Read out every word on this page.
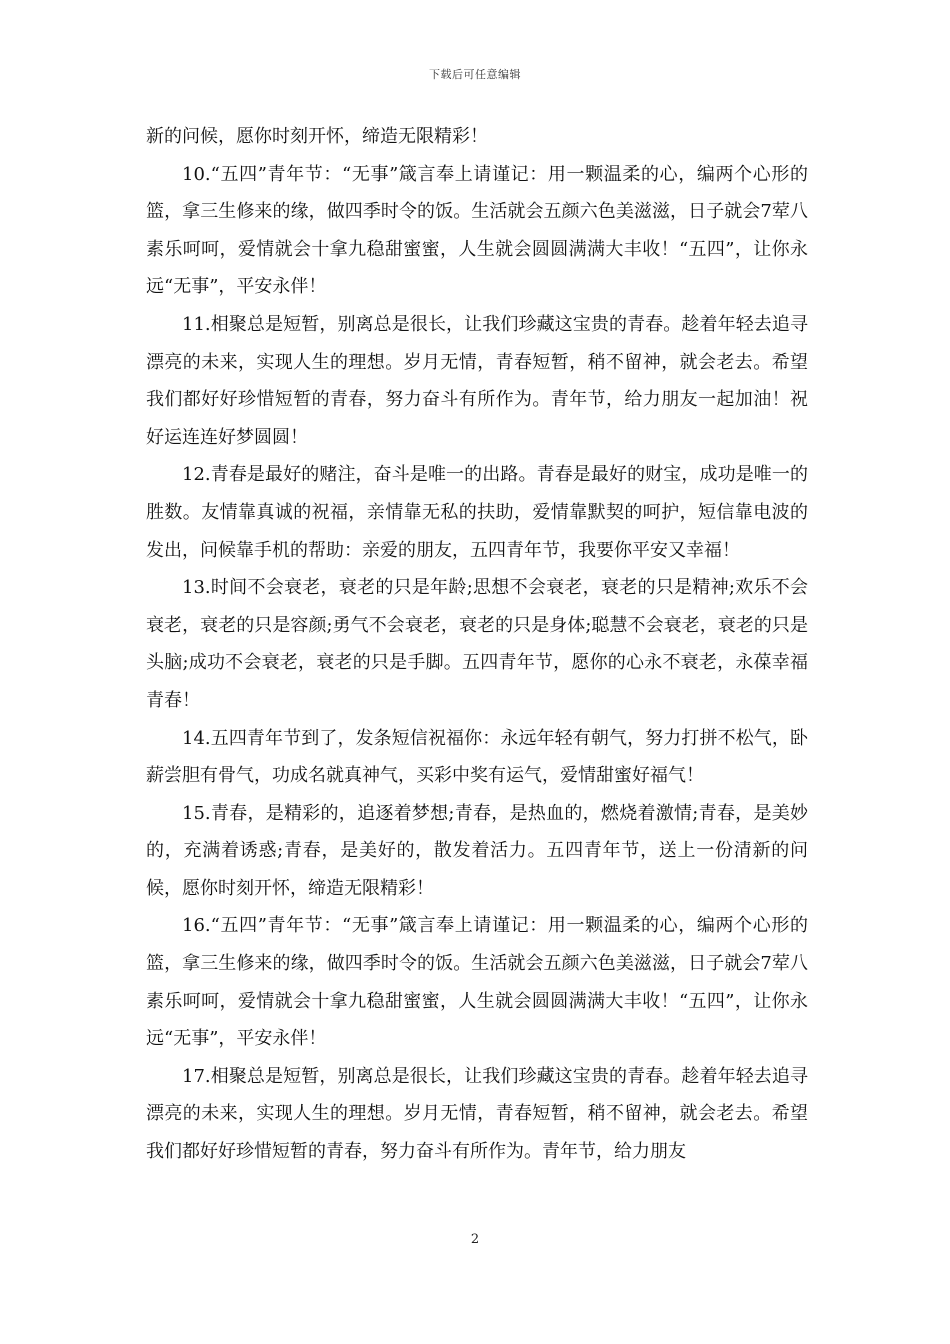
下载后可任意编辑

新的问候，愿你时刻开怀，缔造无限精彩！

10.“五四”青年节：“无事”箴言奉上请谨记：用一颗温柔的心，编两个心形的篮，拿三生修来的缘，做四季时令的饭。生活就会五颜六色美滋滋，日子就会7荤八素乐呵呵，爱情就会十拿九稳甜蜜蜜，人生就会圆圆满满大丰收！“五四”，让你永远“无事”，平安永伴！

11.相聚总是短暂，别离总是很长，让我们珍藏这宝贵的青春。趁着年轻去追寻漂亮的未来，实现人生的理想。岁月无情，青春短暂，稍不留神，就会老去。希望我们都好好珍惜短暂的青春，努力奋斗有所作为。青年节，给力朋友一起加油！祝好运连连好梦圆圆！

12.青春是最好的赌注，奋斗是唯一的出路。青春是最好的财宝，成功是唯一的胜数。友情靠真诚的祝福，亲情靠无私的扶助，爱情靠默契的呵护，短信靠电波的发出，问候靠手机的帮助：亲爱的朋友，五四青年节，我要你平安又幸福！

13.时间不会衰老，衰老的只是年龄;思想不会衰老，衰老的只是精神;欢乐不会衰老，衰老的只是容颜;勇气不会衰老，衰老的只是身体;聪慧不会衰老，衰老的只是头脑;成功不会衰老，衰老的只是手脚。五四青年节，愿你的心永不衰老，永葆幸福青春！

14.五四青年节到了，发条短信祝福你：永远年轻有朝气，努力打拼不松气，卧薪尝胆有骨气，功成名就真神气，买彩中奖有运气，爱情甜蜜好福气！

15.青春，是精彩的，追逐着梦想;青春，是热血的，燃烧着激情;青春，是美妙的，充满着诱惑;青春，是美好的，散发着活力。五四青年节，送上一份清新的问候，愿你时刻开怀，缔造无限精彩！

16.“五四”青年节：“无事”箴言奉上请谨记：用一颗温柔的心，编两个心形的篮，拿三生修来的缘，做四季时令的饭。生活就会五颜六色美滋滋，日子就会7荤八素乐呵呵，爱情就会十拿九稳甜蜜蜜，人生就会圆圆满满大丰收！“五四”，让你永远“无事”，平安永伴！

17.相聚总是短暂，别离总是很长，让我们珍藏这宝贵的青春。趁着年轻去追寻漂亮的未来，实现人生的理想。岁月无情，青春短暂，稍不留神，就会老去。希望我们都好好珍惜短暂的青春，努力奋斗有所作为。青年节，给力朋友

2
